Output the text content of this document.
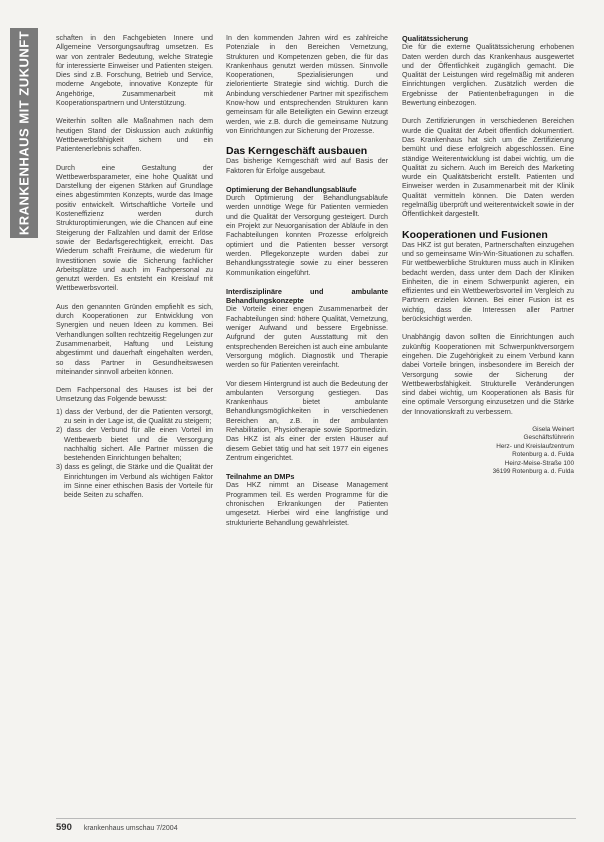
KRANKENHAUS MIT ZUKUNFT	schaften in den Fachgebieten Innere und Allgemeine Versorgungsauftrag umsetzen. Es war von zentraler Bedeutung, welche Strategie für interessierte Einweiser und Patienten steigen. Dies sind z.B. Forschung, Betrieb und Service, moderne Angebote, innovative Konzepte für Angehörige, Zusammenarbeit mit Kooperationspartnern und Unterstützung.

Weiterhin sollten alle Maßnahmen nach dem heutigen Stand der Diskussion auch zukünftig Wettbewerbsfähigkeit sichern und ein Patientenerlebnis schaffen.

Durch eine Gestaltung der Wettbewerbsparameter, eine hohe Qualität und Darstellung der eigenen Stärken auf Grundlage eines abgestimmten Konzepts, wurde das Image positiv entwickelt. Wirtschaftliche Vorteile und Kosteneffizienz werden durch Strukturoptimierungen, wie die Chancen auf eine Steigerung der Fallzahlen und damit der Erlöse sowie der Bedarfsgerechtigkeit, erreicht. Das Wiederum schafft Freiräume, die wiederum für Investitionen sowie die Sicherung fachlicher Arbeitsplätze und auch im Fachpersonal zu genutzt werden. Es entsteht ein Kreislauf mit Wettbewerbsvorteil.

Aus den genannten Gründen empfiehlt es sich, durch Kooperationen zur Entwicklung von Synergien und neuen Ideen zu kommen. Bei Verhandlungen sollten rechtzeitig Regelungen zur Zusammenarbeit, Haftung und Leistung abgestimmt und dauerhaft eingehalten werden, so dass Partner in Gesundheitswesen miteinander sinnvoll arbeiten können.

Dem Fachpersonal des Hauses ist bei der Umsetzung das Folgende bewusst:

1) dass der Verbund, der die Patienten versorgt, zu sein in der Lage ist, die Qualität zu steigern;
2) dass der Verbund für alle einen Vorteil im Wettbewerb bietet und die Versorgung nachhaltig sichert. Alle Partner müssen die bestehenden Einrichtungen behalten;
3) dass es gelingt, die Stärke und die Qualität der Einrichtungen im Verbund als wichtigen Faktor im Sinne einer ethischen Basis der Vorteile für beide Seiten zu schaffen.

In den kommenden Jahren wird es zahlreiche Potenziale in den Bereichen Vernetzung, Strukturen und Kompetenzen geben, die für das Krankenhaus genutzt werden müssen. Sinnvolle Kooperationen, Spezialisierungen und zielorientierte Strategie sind wichtig. Durch die Anbindung verschiedener Partner mit spezifischem Know-how und entsprechenden Strukturen kann gemeinsam für alle Beteiligten ein Gewinn erzeugt werden, wie z.B. durch die gemeinsame Nutzung von Einrichtungen zur Sicherung der Prozesse.

Das Kerngeschäft ausbauen

Das bisherige Kerngeschäft wird auf Basis der Faktoren für Erfolge ausgebaut.

Optimierung der Behandlungsabläufe

Durch Optimierung der Behandlungsabläufe werden unnötige Wege für Patienten vermieden und die Qualität der Versorgung gesteigert. Durch ein Projekt zur Neuorganisation der Abläufe in den Fachabteilungen konnten Prozesse erfolgreich optimiert und die Patienten besser versorgt werden. Pflegekonzepte wurden dabei zur Behandlungsstrategie sowie zu einer besseren Kommunikation eingeführt.

Interdisziplinäre und ambulante Behandlungskonzepte

Die Vorteile einer engen Zusammenarbeit der Fachabteilungen sind: höhere Qualität, Vernetzung, weniger Aufwand und bessere Ergebnisse. Aufgrund der guten Ausstattung mit den entsprechenden Bereichen ist auch eine ambulante Versorgung möglich. Diagnostik und Therapie werden so für Patienten vereinfacht.

Vor diesem Hintergrund ist auch die Bedeutung der ambulanten Versorgung gestiegen. Das Krankenhaus bietet ambulante Behandlungsmöglichkeiten in verschiedenen Bereichen an, z.B. in der ambulanten Rehabilitation, Physiotherapie sowie Sportmedizin. Das HKZ ist als einer der ersten Häuser auf diesem Gebiet tätig und hat seit 1977 ein eigenes Zentrum eingerichtet.

Teilnahme an DMPs

Das HKZ nimmt an Disease Management Programmen teil. Es werden Programme für die chronischen Erkrankungen der Patienten umgesetzt. Hierbei wird eine langfristige und strukturierte Behandlung gewährleistet.

Qualitätssicherung

Die für die externe Qualitätssicherung erhobenen Daten werden durch das Krankenhaus ausgewertet und der Öffentlichkeit zugänglich gemacht. Die Qualität der Leistungen wird regelmäßig mit anderen Einrichtungen verglichen. Zusätzlich werden die Ergebnisse der Patientenbefragungen in die Bewertung einbezogen.

Durch Zertifizierungen in verschiedenen Bereichen wurde die Qualität der Arbeit öffentlich dokumentiert. Das Krankenhaus hat sich um die Zertifizierung bemüht und diese erfolgreich abgeschlossen. Eine ständige Weiterentwicklung ist dabei wichtig, um die Qualität zu sichern. Auch im Bereich des Marketing wurde ein Qualitätsbericht erstellt. Patienten und Einweiser werden in Zusammenarbeit mit der Klinik Qualität vermitteln können. Die Daten werden regelmäßig überprüft und weiterentwickelt sowie in der Öffentlichkeit dargestellt.

Kooperationen und Fusionen

Das HKZ ist gut beraten, Partnerschaften einzugehen und so gemeinsame Win-Win-Situationen zu schaffen. Für wettbewerbliche Strukturen muss auch in Kliniken bedacht werden, dass unter dem Dach der Kliniken Einheiten, die in einem Schwerpunkt agieren, ein effizientes und ein Wettbewerbsvorteil im Vergleich zu Partnern erzielen können. Bei einer Fusion ist es wichtig, dass die Interessen aller Partner berücksichtigt werden.

Unabhängig davon sollten die Einrichtungen auch zukünftig Kooperationen mit Schwerpunktversorgern eingehen. Die Zugehörigkeit zu einem Verbund kann dabei Vorteile bringen, insbesondere im Bereich der Versorgung sowie der Sicherung der Wettbewerbsfähigkeit. Strukturelle Veränderungen sind dabei wichtig, um Kooperationen als Basis für eine optimale Versorgung einzusetzen und die Stärke der Innovationskraft zu verbessern.

Gisela Weinert
Geschäftsführerin
Herz- und Kreislaufzentrum
Rotenburg a. d. Fulda
Heinz-Meise-Straße 100
36199 Rotenburg a. d. Fulda
590 krankenhaus umschau 7/2004
